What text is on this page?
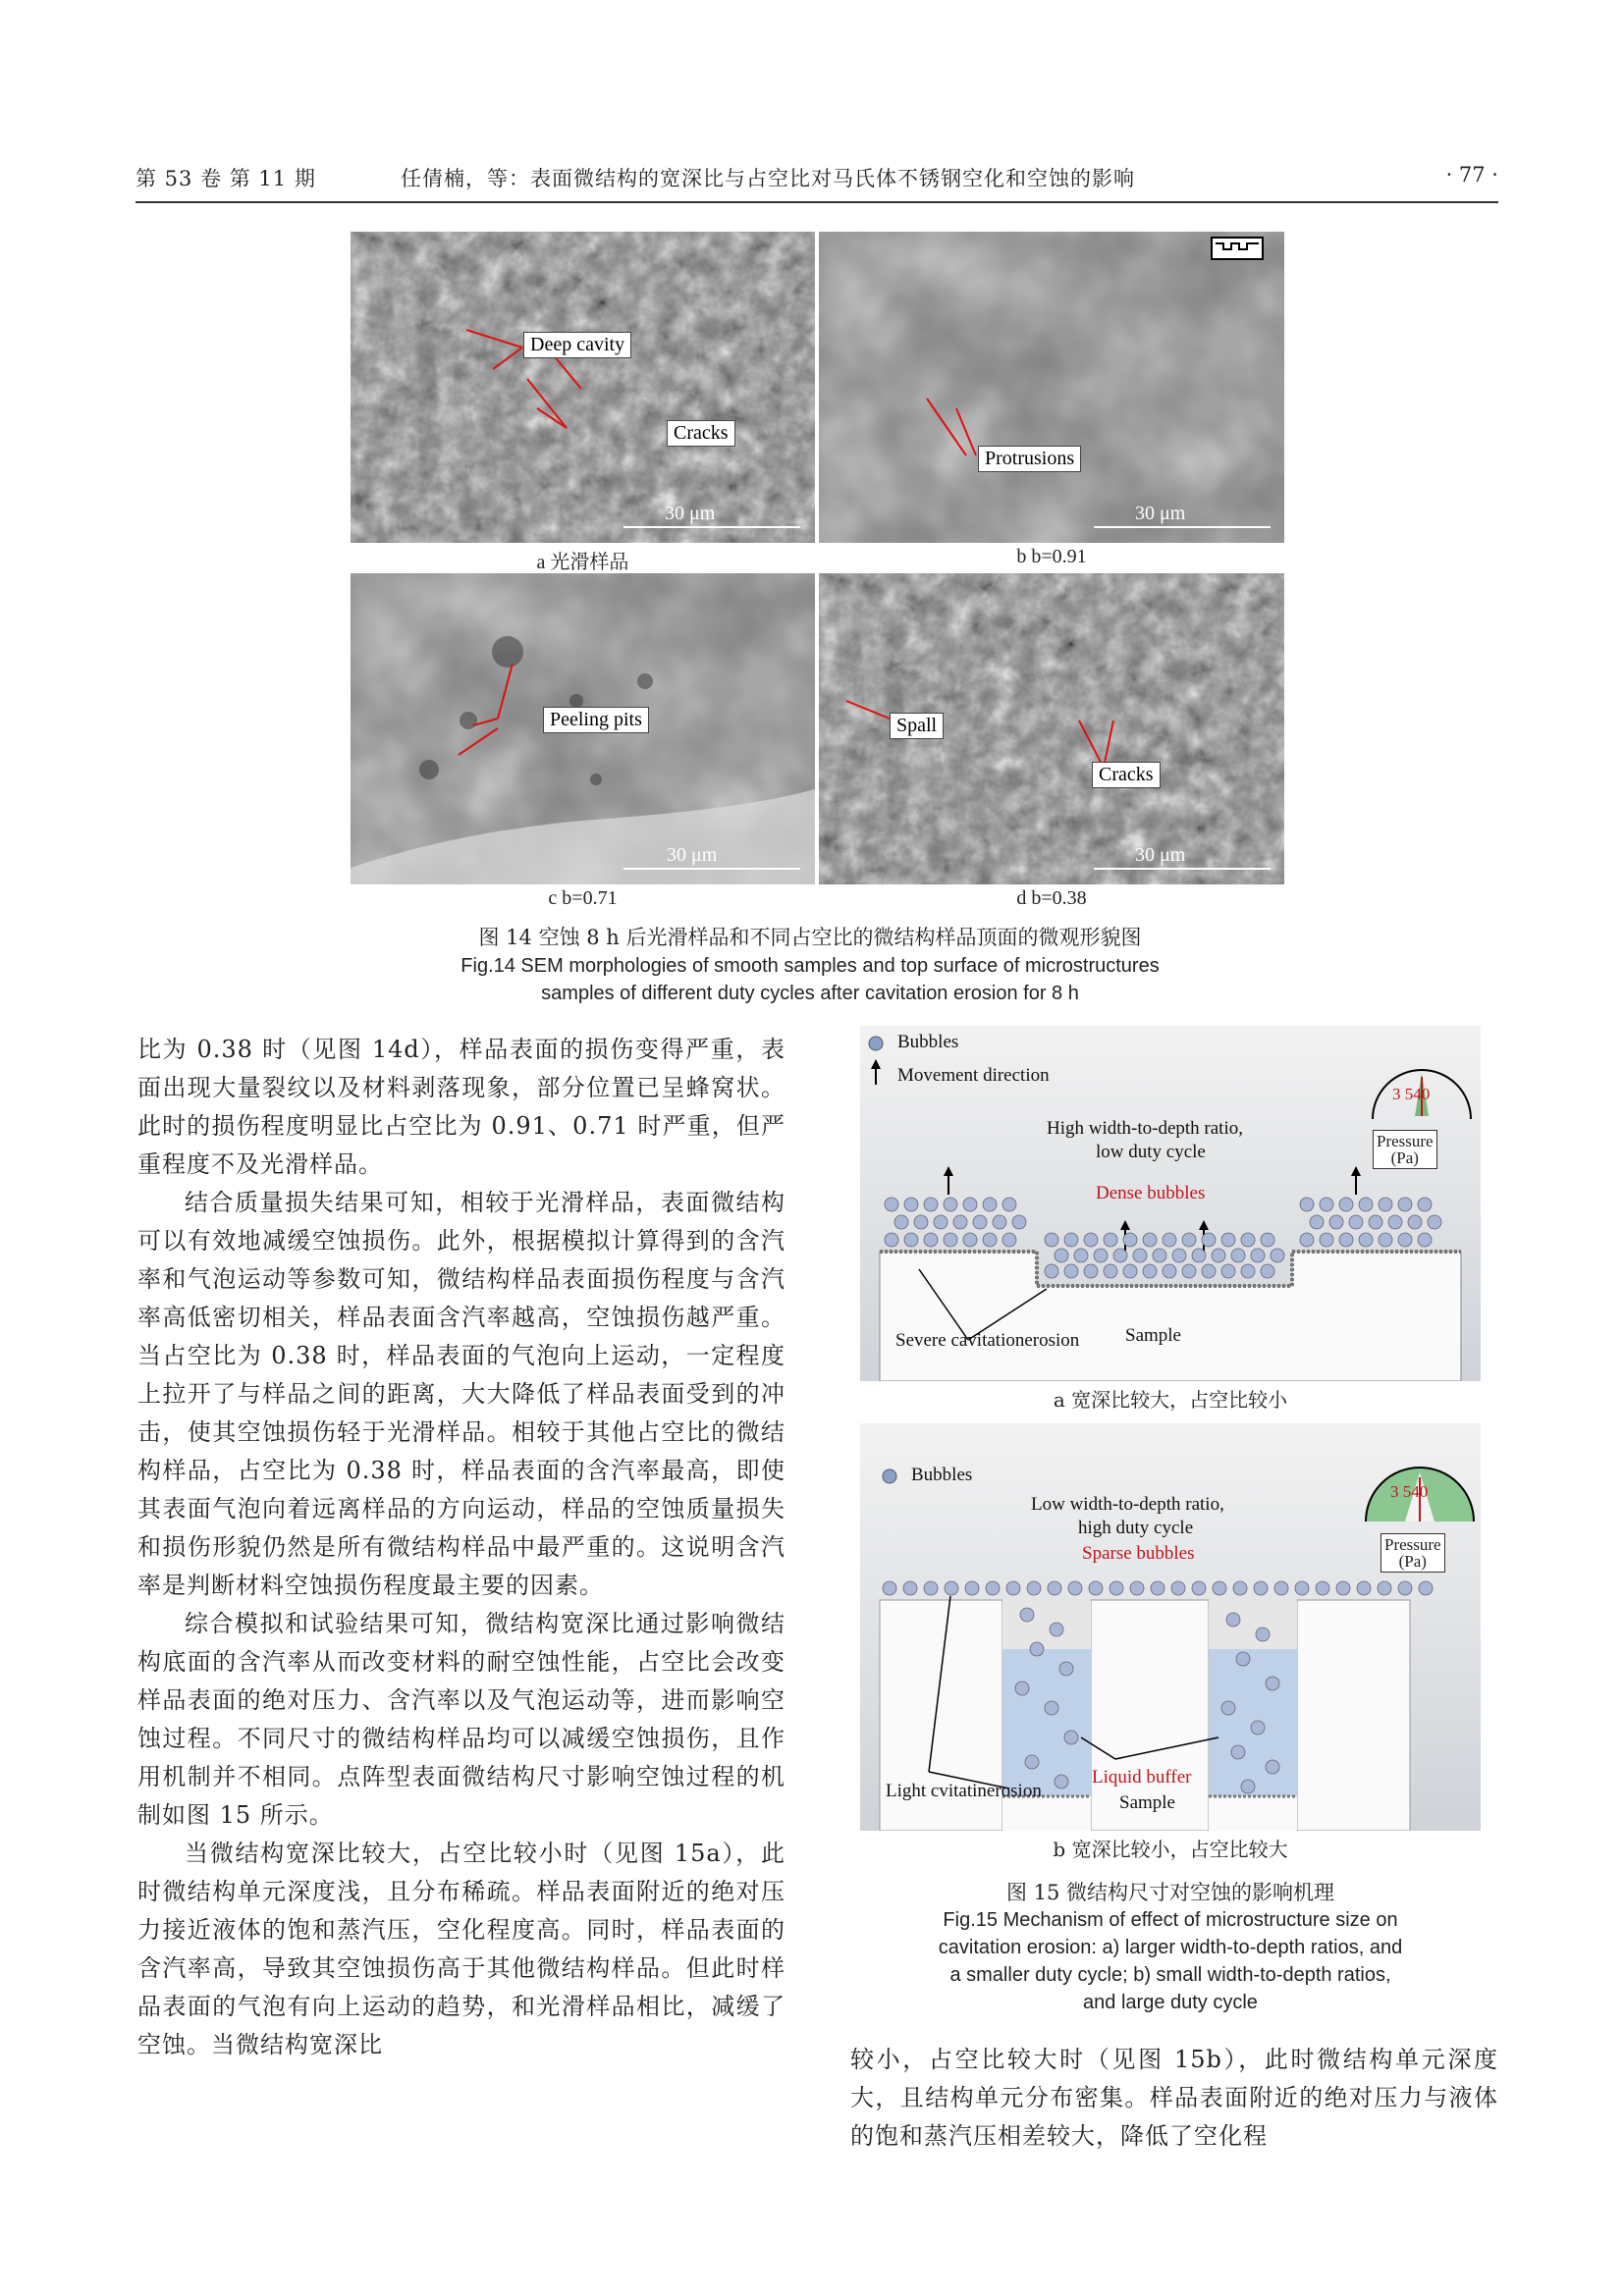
第 53 卷 第 11 期	任倩楠，等：表面微结构的宽深比与占空比对马氏体不锈钢空化和空蚀的影响	· 77 ·
Deep cavity
Cracks
30 μm
a 光滑样品
Protrusions
30 μm
b b=0.91
Peeling pits
30 μm
c b=0.71
Spall
Cracks
30 μm
d b=0.38
图 14 空蚀 8 h 后光滑样品和不同占空比的微结构样品顶面的微观形貌图
Fig.14 SEM morphologies of smooth samples and top surface of microstructures
samples of different duty cycles after cavitation erosion for 8 h

比为 0.38 时（见图 14d），样品表面的损伤变得严重，表面出现大量裂纹以及材料剥落现象，部分位置已呈蜂窝状。此时的损伤程度明显比占空比为 0.91、0.71 时严重，但严重程度不及光滑样品。

结合质量损失结果可知，相较于光滑样品，表面微结构可以有效地减缓空蚀损伤。此外，根据模拟计算得到的含汽率和气泡运动等参数可知，微结构样品表面损伤程度与含汽率高低密切相关，样品表面含汽率越高，空蚀损伤越严重。当占空比为 0.38 时，样品表面的气泡向上运动，一定程度上拉开了与样品之间的距离，大大降低了样品表面受到的冲击，使其空蚀损伤轻于光滑样品。相较于其他占空比的微结构样品，占空比为 0.38 时，样品表面的含汽率最高，即使其表面气泡向着远离样品的方向运动，样品的空蚀质量损失和损伤形貌仍然是所有微结构样品中最严重的。这说明含汽率是判断材料空蚀损伤程度最主要的因素。

综合模拟和试验结果可知，微结构宽深比通过影响微结构底面的含汽率从而改变材料的耐空蚀性能，占空比会改变样品表面的绝对压力、含汽率以及气泡运动等，进而影响空蚀过程。不同尺寸的微结构样品均可以减缓空蚀损伤，且作用机制并不相同。点阵型表面微结构尺寸影响空蚀过程的机制如图 15 所示。

当微结构宽深比较大，占空比较小时（见图 15a），此时微结构单元深度浅，且分布稀疏。样品表面附近的绝对压力接近液体的饱和蒸汽压，空化程度高。同时，样品表面的含汽率高，导致其空蚀损伤高于其他微结构样品。但此时样品表面的气泡有向上运动的趋势，和光滑样品相比，减缓了空蚀。当微结构宽深比

Bubbles
Movement direction
High width-to-depth ratio,
low duty cycle
Dense bubbles
Severe cavitationerosion Sample
3 540
Pressure
(Pa)
a 宽深比较大，占空比较小
Bubbles
Low width-to-depth ratio,
high duty cycle
Sparse bubbles
Light cvitatinerosion
Liquid buffer
Sample
3 540
Pressure
(Pa)
b 宽深比较小，占空比较大
图 15 微结构尺寸对空蚀的影响机理
Fig.15 Mechanism of effect of microstructure size on
cavitation erosion: a) larger width-to-depth ratios, and
a smaller duty cycle; b) small width-to-depth ratios,
and large duty cycle

较小，占空比较大时（见图 15b），此时微结构单元深度大，且结构单元分布密集。样品表面附近的绝对压力与液体的饱和蒸汽压相差较大，降低了空化程
